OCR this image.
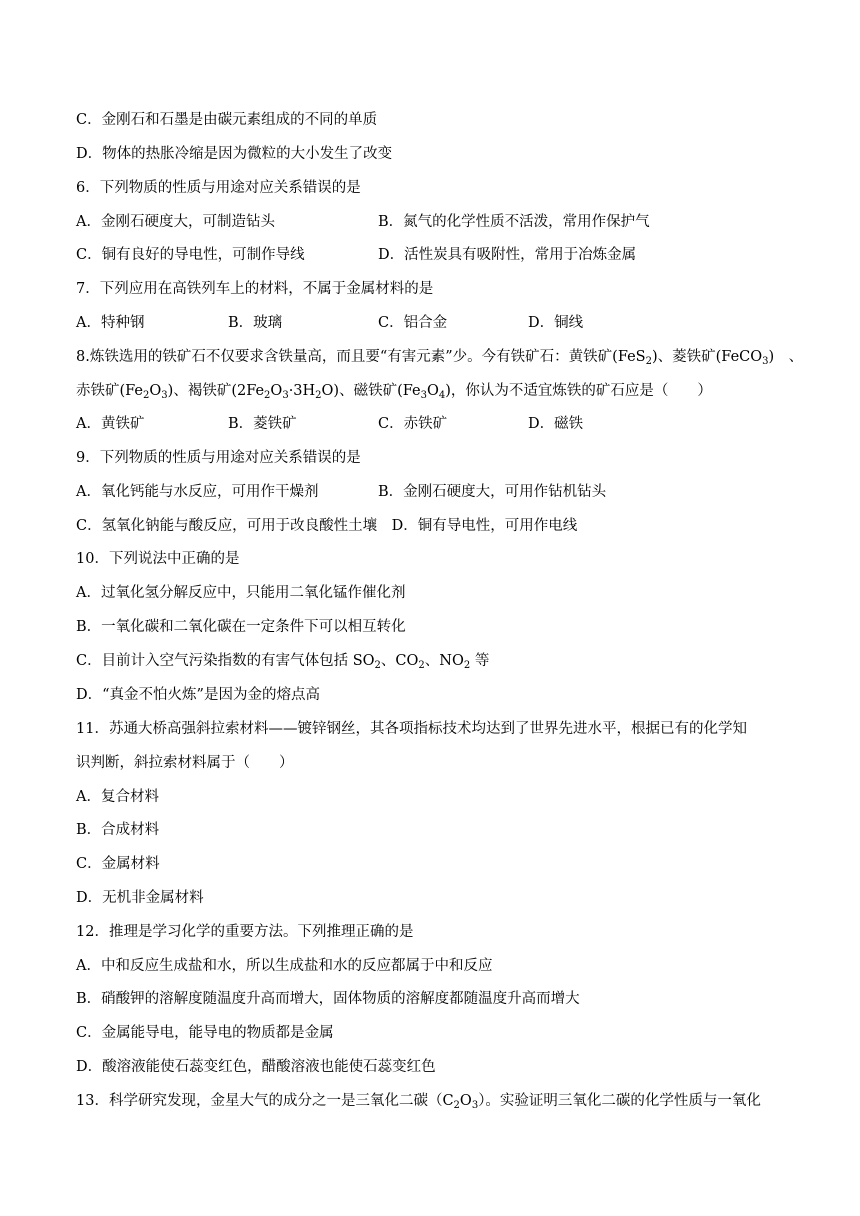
C．金刚石和石墨是由碳元素组成的不同的单质

D．物体的热胀冷缩是因为微粒的大小发生了改变

6．下列物质的性质与用途对应关系错误的是

A．金刚石硬度大，可制造钻头	B．氮气的化学性质不活泼，常用作保护气
C．铜有良好的导电性，可制作导线	D．活性炭具有吸附性，常用于冶炼金属

7．下列应用在高铁列车上的材料，不属于金属材料的是

A．特种钢	B．玻璃	C．铝合金	D．铜线

8.炼铁选用的铁矿石不仅要求含铁量高，而且要“有害元素”少。今有铁矿石：黄铁矿(FeS$_2$)、菱铁矿(FeCO$_3$)　、

赤铁矿$(Fe_2O_3)$、褐铁矿$(2Fe_2O_3\cdot 3H_2O)$、磁铁矿$(Fe_3O_4)$，你认为不适宜炼铁的矿石应是（　　）

A．黄铁矿	B．菱铁矿	C．赤铁矿	D．磁铁

9．下列物质的性质与用途对应关系错误的是

A．氧化钙能与水反应，可用作干燥剂	B．金刚石硬度大，可用作钻机钻头

C．氢氧化钠能与酸反应，可用于改良酸性土壤　D．铜有导电性，可用作电线

10．下列说法中正确的是

A．过氧化氢分解反应中，只能用二氧化锰作催化剂

B．一氧化碳和二氧化碳在一定条件下可以相互转化

C．目前计入空气污染指数的有害气体包括 $SO_2$、$CO_2$、$NO_2$ 等

D．“真金不怕火炼”是因为金的熔点高

11．苏通大桥高强斜拉索材料——镀锌钢丝，其各项指标技术均达到了世界先进水平，根据已有的化学知

识判断，斜拉索材料属于（　　）

A．复合材料

B．合成材料

C．金属材料

D．无机非金属材料

12．推理是学习化学的重要方法。下列推理正确的是

A．中和反应生成盐和水，所以生成盐和水的反应都属于中和反应

B．硝酸钾的溶解度随温度升高而增大，固体物质的溶解度都随温度升高而增大

C．金属能导电，能导电的物质都是金属

D．酸溶液能使石蕊变红色，醋酸溶液也能使石蕊变红色

13．科学研究发现，金星大气的成分之一是三氧化二碳$(C_2O_3)$。实验证明三氧化二碳的化学性质与一氧化
